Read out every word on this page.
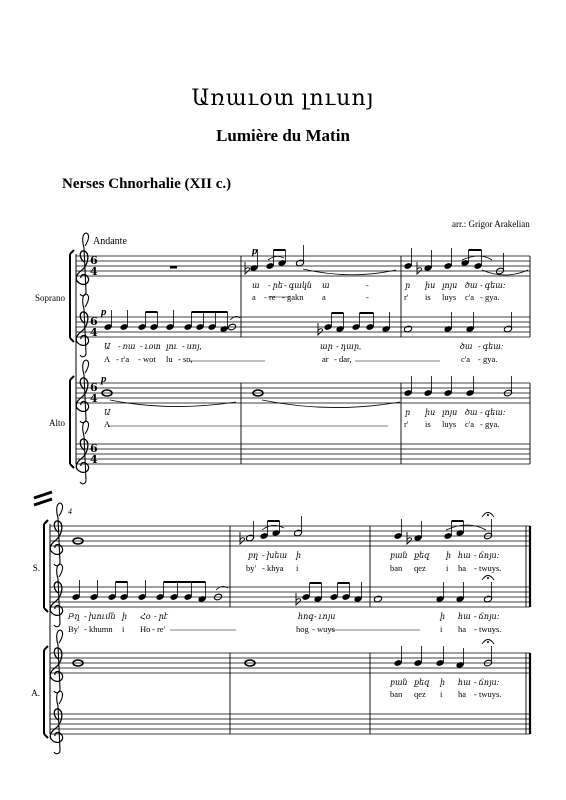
Առաւօտ լուսոյ
Lumière du Matin
Nerses Chnorhalie (XII c.)
arr.: Grigor Arakelian
Andante
Soprano
Alto
S.
A.
p
p
p
4
6
4
6
4
6
4
6
4
ա - րե - գակն ա	-	ր իս լոյս ծա - գեա:
a - re - gakn a	-	r' is luys c'a - gya.
Ա - ռա - ւօտ լու - սոյ,	ար - դար,	ծա - գեա:
A - r'a - wot lu - so,	ar - dar,	c'a - gya.
Ա	ր իս լոյս ծա - գեա:
A	r' is luys c'a - gya.
բղ - խեա ի	բան քեզ ի հա - ճոյս:
by' - khya i	ban qez i ha - twuys.
Բղ - խումն ի Հօ - րէ	հոգ - ւոյս	ի հա - ճոյս:
By' - khumn i Ho - re'	hog - wuys	i ha - twuys.
բան քեզ ի հա - ճոյս:
ban qez i ha - twuys.
